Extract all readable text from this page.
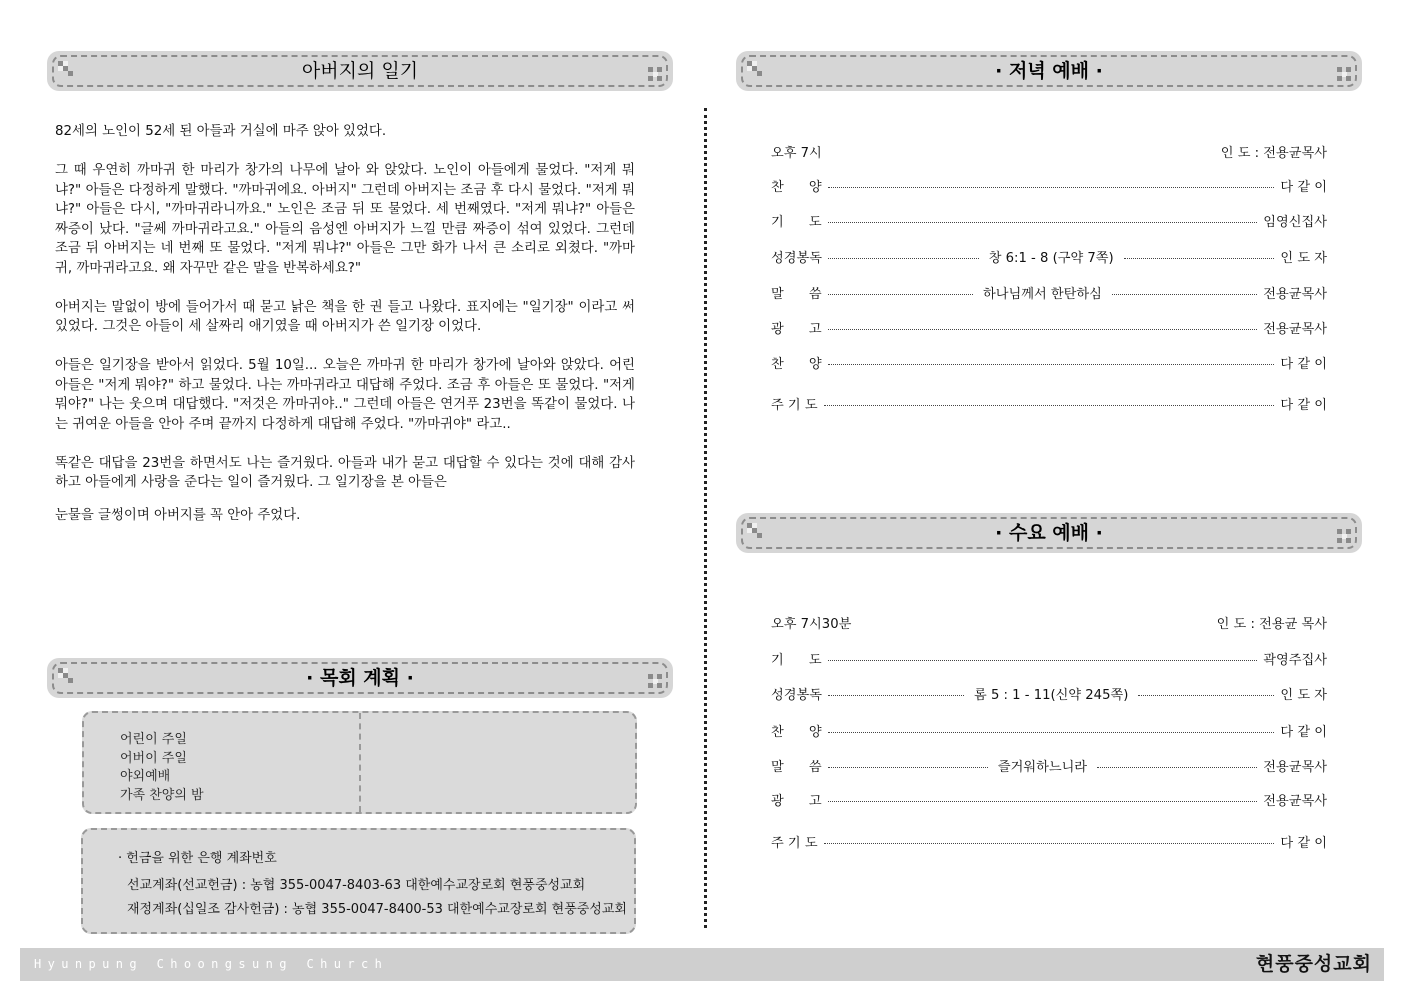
아버지의 일기

82세의 노인이 52세 된 아들과 거실에 마주 앉아 있었다.

그 때 우연히 까마귀 한 마리가 창가의 나무에 날아 와 앉았다. 노인이 아들에게 물었다. "저게 뭐냐?" 아들은 다정하게 말했다. "까마귀에요. 아버지" 그런데 아버지는 조금 후 다시 물었다. "저게 뭐냐?" 아들은 다시, "까마귀라니까요." 노인은 조금 뒤 또 물었다. 세 번째였다. "저게 뭐냐?" 아들은 짜증이 났다. "글쎄 까마귀라고요." 아들의 음성엔 아버지가 느낄 만큼 짜증이 섞여 있었다. 그런데 조금 뒤 아버지는 네 번째 또 물었다. "저게 뭐냐?" 아들은 그만 화가 나서 큰 소리로 외쳤다. "까마귀, 까마귀라고요. 왜 자꾸만 같은 말을 반복하세요?"

아버지는 말없이 방에 들어가서 때 묻고 낡은 책을 한 권 들고 나왔다. 표지에는 "일기장" 이라고 써있었다. 그것은 아들이 세 살짜리 애기였을 때 아버지가 쓴 일기장 이었다.

아들은 일기장을 받아서 읽었다. 5월 10일... 오늘은 까마귀 한 마리가 창가에 날아와 앉았다. 어린 아들은 "저게 뭐야?" 하고 물었다. 나는 까마귀라고 대답해 주었다. 조금 후 아들은 또 물었다. "저게 뭐야?" 나는 웃으며 대답했다. "저것은 까마귀야.." 그런데 아들은 연거푸 23번을 똑같이 물었다. 나는 귀여운 아들을 안아 주며 끝까지 다정하게 대답해 주었다. "까마귀야" 라고..

똑같은 대답을 23번을 하면서도 나는 즐거웠다. 아들과 내가 묻고 대답할 수 있다는 것에 대해 감사하고 아들에게 사랑을 준다는 일이 즐거웠다. 그 일기장을 본 아들은

눈물을 글썽이며 아버지를 꼭 안아 주었다.

· 목회 계획 ·
어린이 주일
어버이 주일
야외예배
가족 찬양의 밤
· 헌금을 위한 은행 계좌번호
선교계좌(선교헌금) : 농협 355-0047-8403-63 대한예수교장로회 현풍중성교회
재정계좌(십일조 감사헌금) : 농협 355-0047-8400-53 대한예수교장로회 현풍중성교회
· 저녁 예배 ·
오후 7시	인 도 : 전용균목사
찬      양	다 같 이
기      도	임영신집사
성경봉독	창 6:1 - 8 (구약 7쪽)	인 도 자
말      씀	하나님께서 한탄하심	전용균목사
광      고	전용균목사
찬      양	다 같 이
주 기 도	다 같 이
· 수요 예배 ·
오후 7시30분	인 도 : 전용균 목사
기      도	곽영주집사
성경봉독	롬 5 : 1 - 11(신약 245쪽)	인 도 자
찬      양	다 같 이
말      씀	즐거워하느니라	전용균목사
광      고	전용균목사
주 기 도	다 같 이
Hyunpung Choongsung Church	현풍중성교회
